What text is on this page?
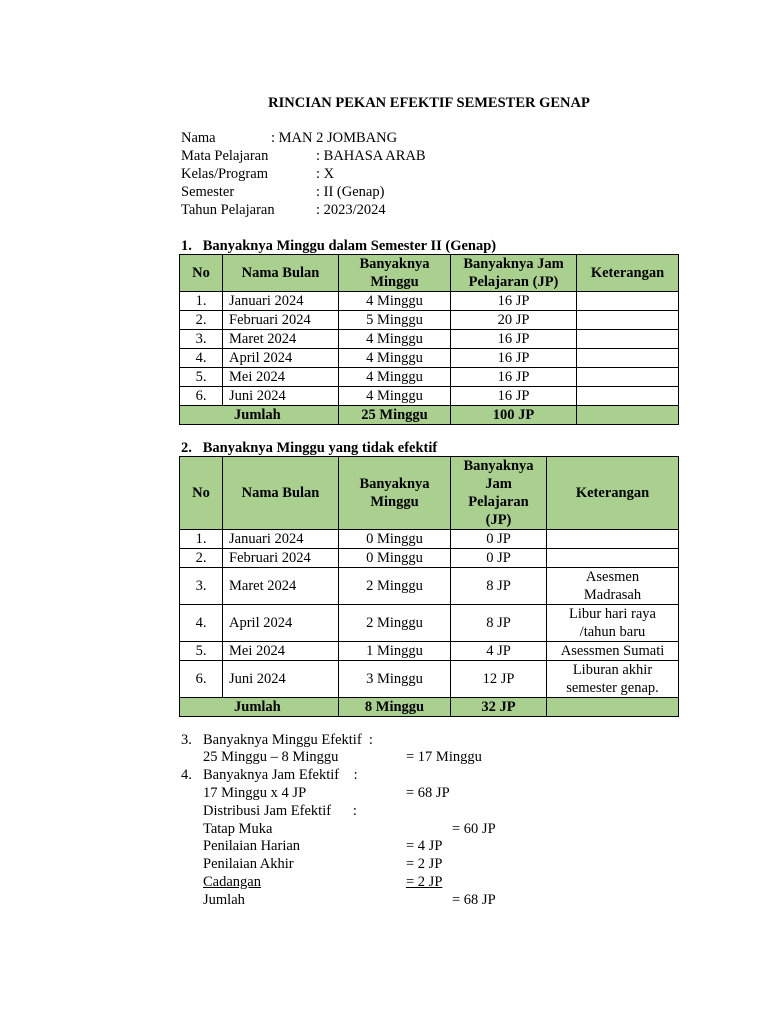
RINCIAN PEKAN EFEKTIF SEMESTER GENAP
Nama	: MAN 2 JOMBANG
Mata Pelajaran	: BAHASA ARAB
Kelas/Program	: X
Semester	: II (Genap)
Tahun Pelajaran	: 2023/2024
1.   Banyaknya Minggu dalam Semester II (Genap)
No	Nama Bulan	Banyaknya Minggu	Banyaknya Jam Pelajaran (JP)	Keterangan
1.	Januari 2024	4 Minggu	16 JP	
2.	Februari 2024	5 Minggu	20 JP	
3.	Maret 2024	4 Minggu	16 JP	
4.	April 2024	4 Minggu	16 JP	
5.	Mei 2024	4 Minggu	16 JP	
6.	Juni 2024	4 Minggu	16 JP	
Jumlah		25 Minggu	100 JP	
2.   Banyaknya Minggu yang tidak efektif
No	Nama Bulan	Banyaknya Minggu	Banyaknya Jam Pelajaran (JP)	Keterangan
1.	Januari 2024	0 Minggu	0 JP	
2.	Februari 2024	0 Minggu	0 JP	
3.	Maret 2024	2 Minggu	8 JP	Asesmen Madrasah
4.	April 2024	2 Minggu	8 JP	Libur hari raya /tahun baru
5.	Mei 2024	1 Minggu	4 JP	Asessmen Sumati
6.	Juni 2024	3 Minggu	12 JP	Liburan akhir semester genap.
Jumlah		8 Minggu	32 JP	
3. Banyaknya Minggu Efektif  :
25 Minggu – 8 Minggu	= 17 Minggu
4. Banyaknya Jam Efektif    :
17 Minggu x 4 JP	= 68 JP
Distribusi Jam Efektif      :
Tatap Muka	= 60 JP
Penilaian Harian	= 4 JP
Penilaian Akhir	= 2 JP
Cadangan	= 2 JP
Jumlah	= 68 JP
